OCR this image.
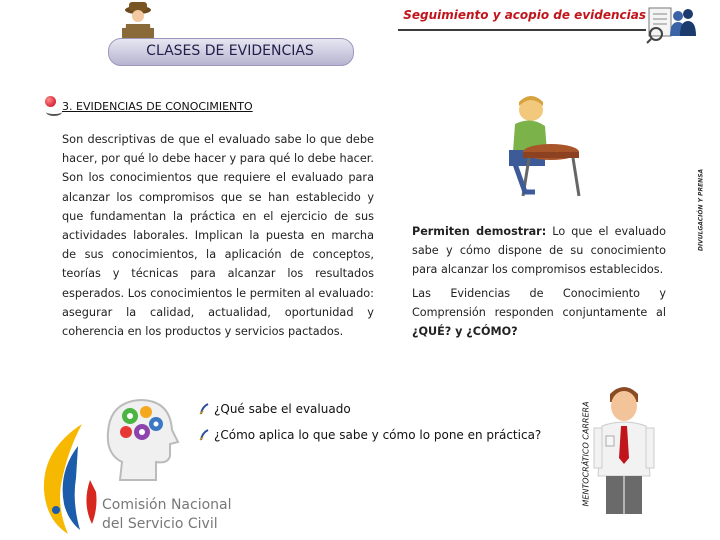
Seguimiento y acopio de evidencias
DIVULGACIÓN Y PRENSA
CLASES DE EVIDENCIAS
3. EVIDENCIAS DE CONOCIMIENTO
Son descriptivas de que el evaluado sabe lo que debe hacer, por qué lo debe hacer y para qué lo debe hacer. Son los conocimientos que requiere el evaluado para alcanzar los compromisos que se han establecido y que fundamentan la práctica en el ejercicio de sus actividades laborales. Implican la puesta en marcha de sus conocimientos, la aplicación de conceptos, teorías y técnicas para alcanzar los resultados esperados. Los conocimientos le permiten al evaluado: asegurar la calidad, actualidad, oportunidad y coherencia en los productos y servicios pactados.

Permiten demostrar: Lo que el evaluado sabe y cómo dispone de su conocimiento para alcanzar los compromisos establecidos.

Las Evidencias de Conocimiento y Comprensión responden conjuntamente al ¿QUÉ? y ¿CÓMO?

Comisión Nacional
del Servicio Civil
¿Qué sabe el evaluado
¿Cómo aplica lo que sabe y cómo lo pone en práctica?	MENTOCRÁTICO CARRERA
